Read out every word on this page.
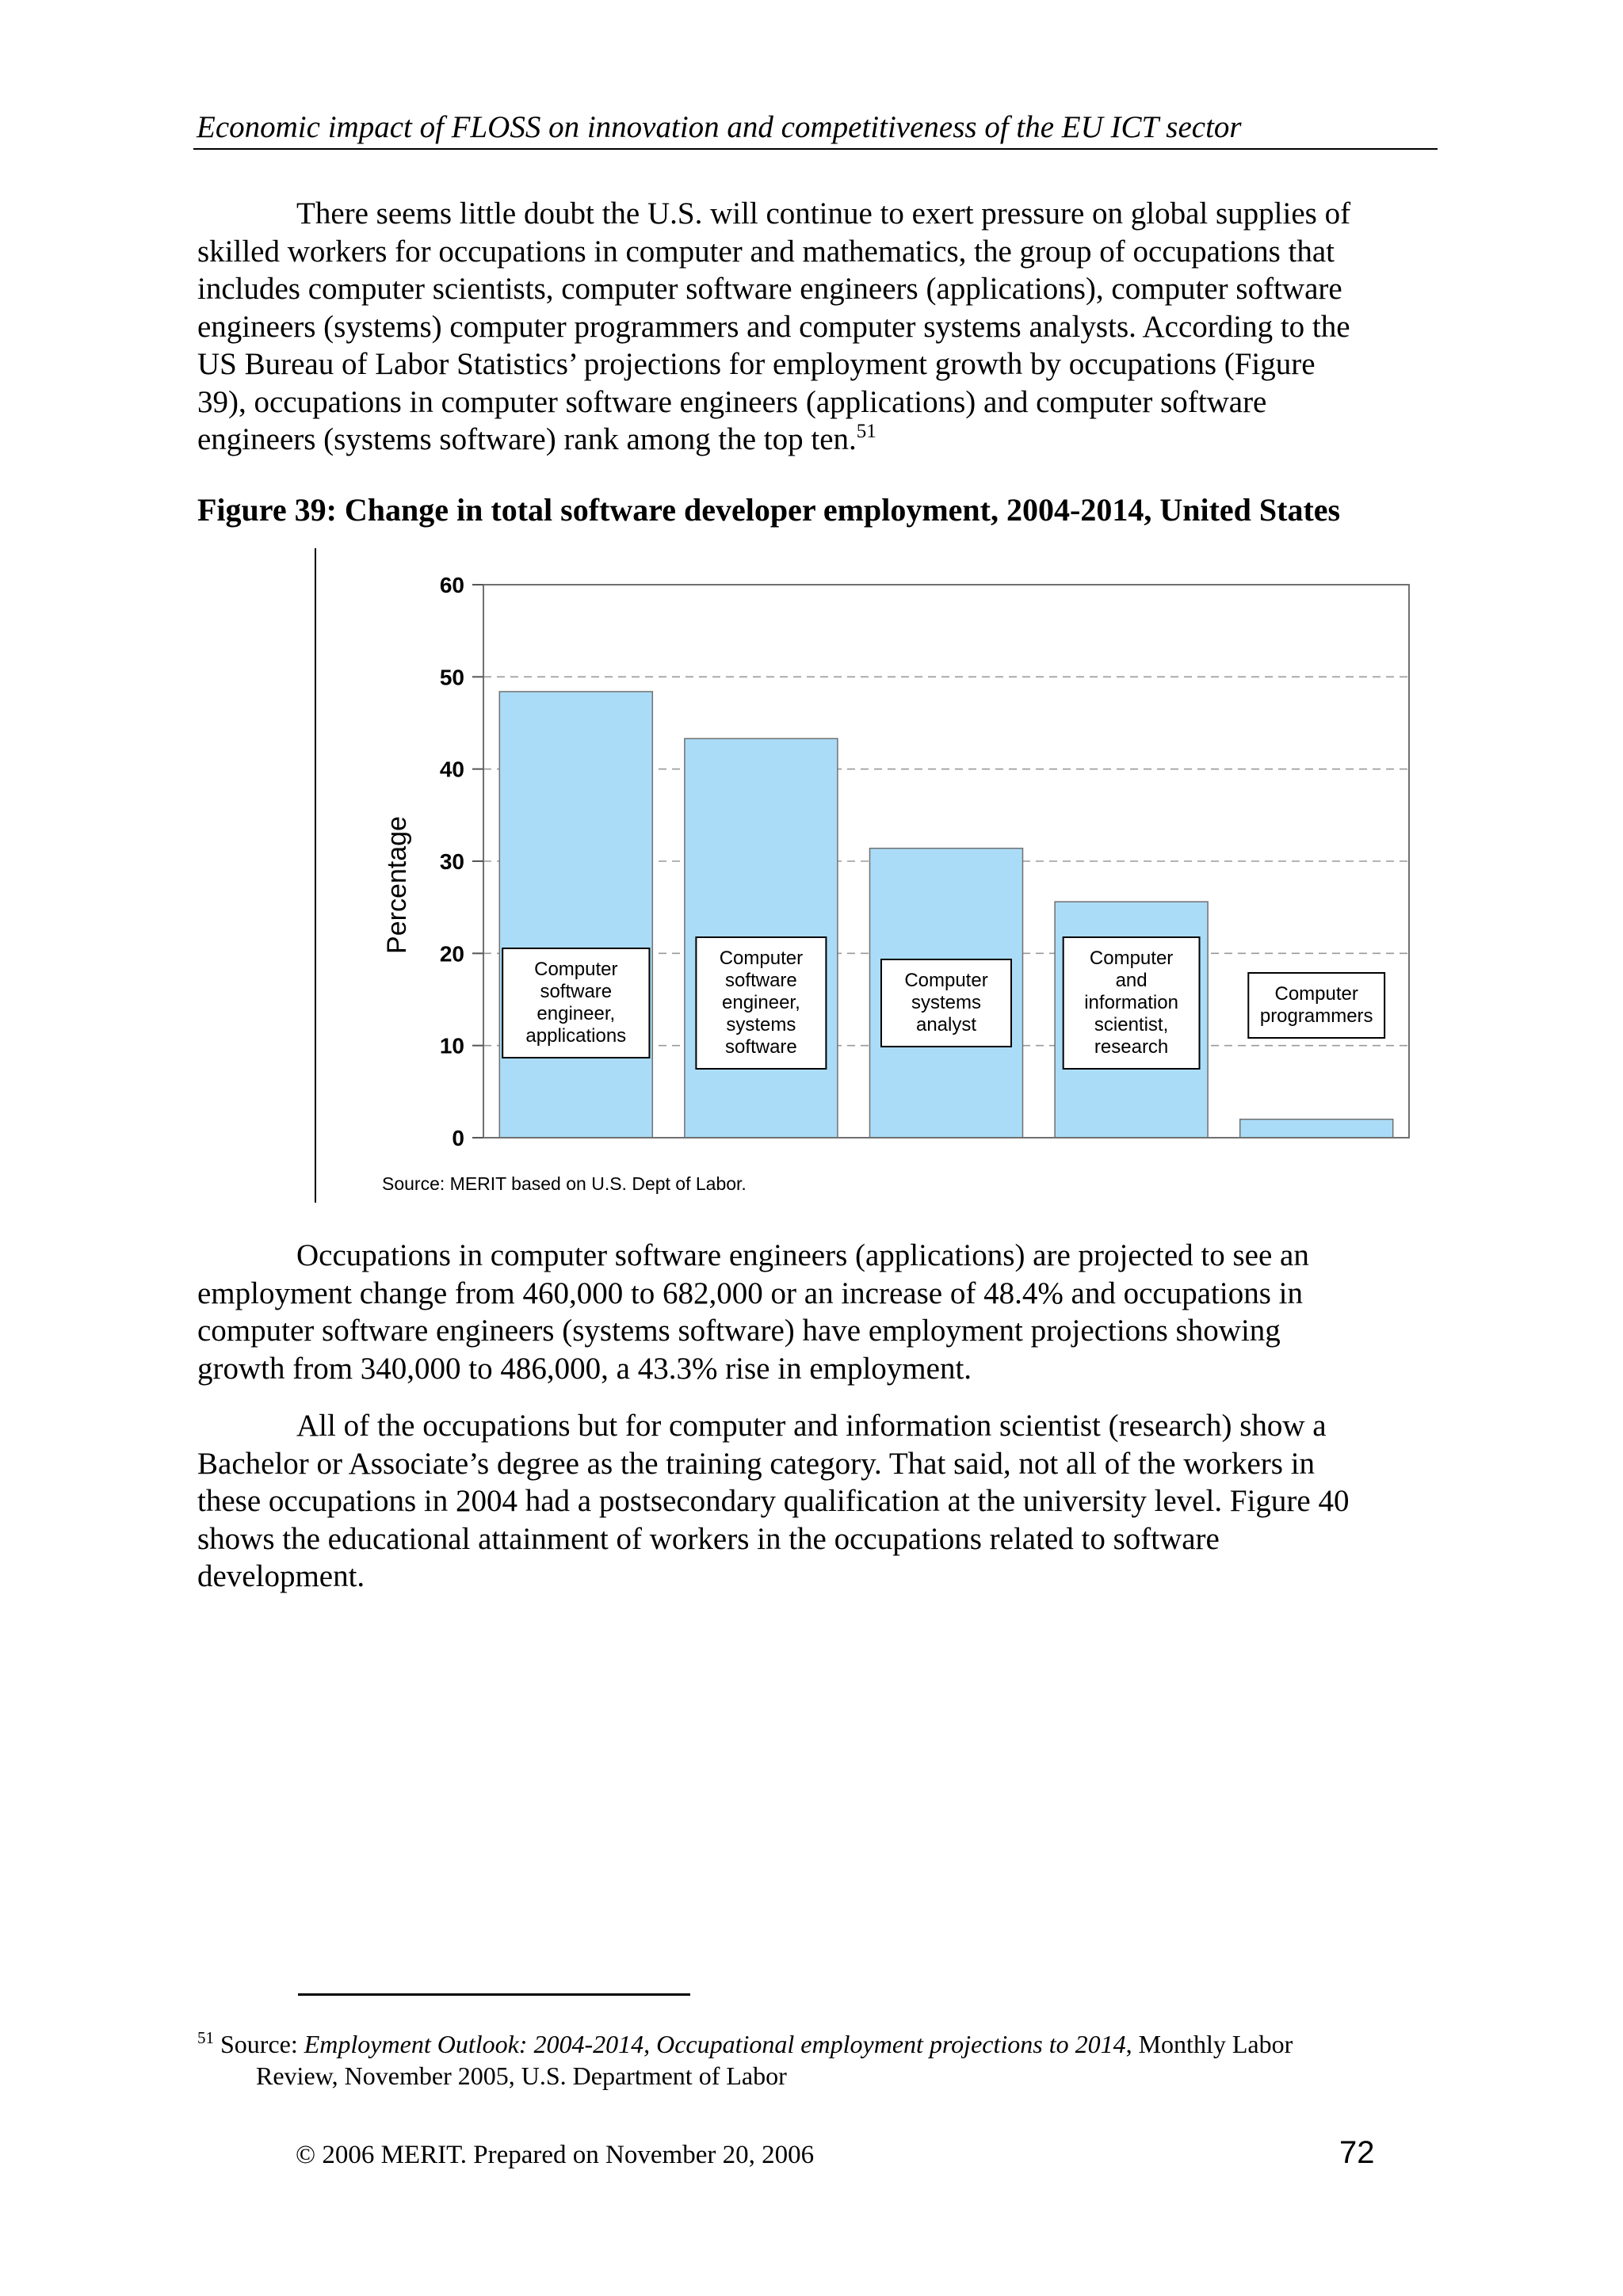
Economic impact of FLOSS on innovation and competitiveness of the EU ICT sector

There seems little doubt the U.S. will continue to exert pressure on global supplies of
skilled workers for occupations in computer and mathematics, the group of occupations that
includes computer scientists, computer software engineers (applications), computer software
engineers (systems) computer programmers and computer systems analysts. According to the
US Bureau of Labor Statistics’ projections for employment growth by occupations (Figure
39), occupations in computer software engineers (applications) and computer software
engineers (systems software) rank among the top ten.$^{51}$

Figure 39: Change in total software developer employment, 2004-2014, United States
0
10
20
30
40
50
60
Computer
software
engineer,
applications
Computer
software
engineer,
systems
software
Computer
systems
analyst
Computer
and
information
scientist,
research
Computer
programmers
Percentage
Source: MERIT based on U.S. Dept of Labor.

Occupations in computer software engineers (applications) are projected to see an
employment change from 460,000 to 682,000 or an increase of 48.4% and occupations in
computer software engineers (systems software) have employment projections showing
growth from 340,000 to 486,000, a 43.3% rise in employment.

All of the occupations but for computer and information scientist (research) show a
Bachelor or Associate’s degree as the training category. That said, not all of the workers in
these occupations in 2004 had a postsecondary qualification at the university level. Figure 40
shows the educational attainment of workers in the occupations related to software
development.

$^{51}$ Source: Employment Outlook: 2004-2014, Occupational employment projections to 2014, Monthly Labor
Review, November 2005, U.S. Department of Labor
© 2006 MERIT. Prepared on November 20, 2006	72
